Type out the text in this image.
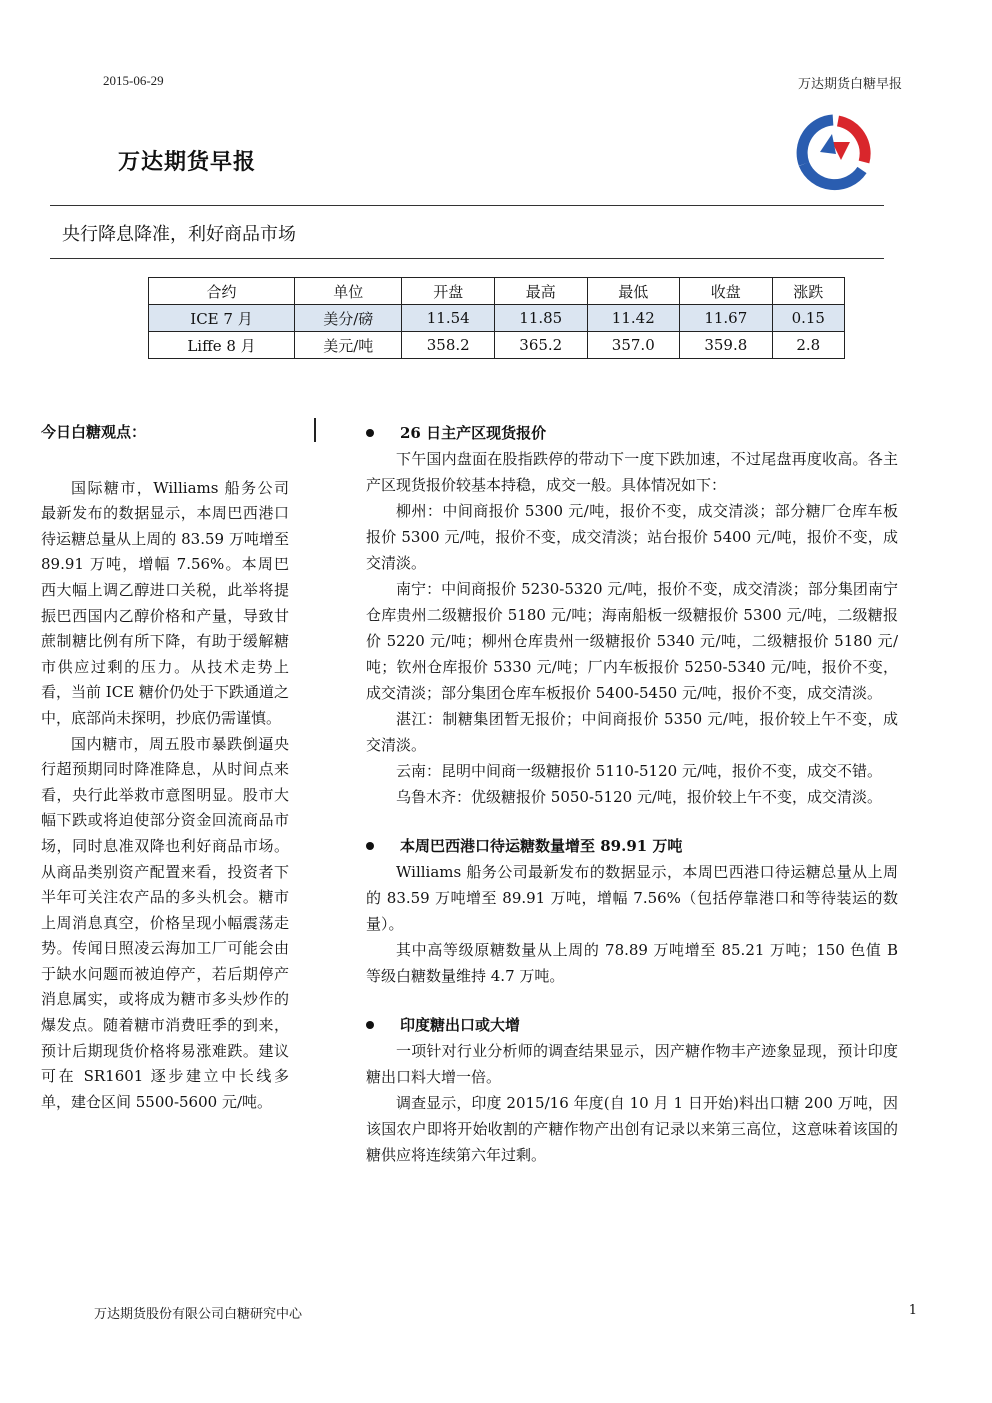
2015-06-29	万达期货白糖早报
万达期货早报
央行降息降准，利好商品市场
合约	单位	开盘	最高	最低	收盘	涨跌
ICE 7 月	美分/磅	11.54	11.85	11.42	11.67	0.15
Liffe 8 月	美元/吨	358.2	365.2	357.0	359.8	2.8
今日白糖观点：

国际糖市，Williams 船务公司最新发布的数据显示，本周巴西港口待运糖总量从上周的 83.59 万吨增至 89.91 万吨，增幅 7.56%。本周巴西大幅上调乙醇进口关税，此举将提振巴西国内乙醇价格和产量，导致甘蔗制糖比例有所下降，有助于缓解糖市供应过剩的压力。从技术走势上看，当前 ICE 糖价仍处于下跌通道之中，底部尚未探明，抄底仍需谨慎。

国内糖市，周五股市暴跌倒逼央行超预期同时降准降息，从时间点来看，央行此举救市意图明显。股市大幅下跌或将迫使部分资金回流商品市场，同时息准双降也利好商品市场。从商品类别资产配置来看，投资者下半年可关注农产品的多头机会。糖市上周消息真空，价格呈现小幅震荡走势。传闻日照凌云海加工厂可能会由于缺水问题而被迫停产，若后期停产消息属实，或将成为糖市多头炒作的爆发点。随着糖市消费旺季的到来，预计后期现货价格将易涨难跌。建议可在 SR1601 逐步建立中长线多单，建仓区间 5500-5600 元/吨。

26 日主产区现货报价

下午国内盘面在股指跌停的带动下一度下跌加速，不过尾盘再度收高。各主产区现货报价较基本持稳，成交一般。具体情况如下：

柳州：中间商报价 5300 元/吨，报价不变，成交清淡；部分糖厂仓库车板报价 5300 元/吨，报价不变，成交清淡；站台报价 5400 元/吨，报价不变，成交清淡。

南宁：中间商报价 5230-5320 元/吨，报价不变，成交清淡；部分集团南宁仓库贵州二级糖报价 5180 元/吨；海南船板一级糖报价 5300 元/吨，二级糖报价 5220 元/吨；柳州仓库贵州一级糖报价 5340 元/吨，二级糖报价 5180 元/吨；钦州仓库报价 5330 元/吨；厂内车板报价 5250-5340 元/吨，报价不变，成交清淡；部分集团仓库车板报价 5400-5450 元/吨，报价不变，成交清淡。

湛江：制糖集团暂无报价；中间商报价 5350 元/吨，报价较上午不变，成交清淡。

云南：昆明中间商一级糖报价 5110-5120 元/吨，报价不变，成交不错。

乌鲁木齐：优级糖报价 5050-5120 元/吨，报价较上午不变，成交清淡。

本周巴西港口待运糖数量增至 89.91 万吨

Williams 船务公司最新发布的数据显示，本周巴西港口待运糖总量从上周的 83.59 万吨增至 89.91 万吨，增幅 7.56%（包括停靠港口和等待装运的数量）。

其中高等级原糖数量从上周的 78.89 万吨增至 85.21 万吨；150 色值 B 等级白糖数量维持 4.7 万吨。

印度糖出口或大增

一项针对行业分析师的调查结果显示，因产糖作物丰产迹象显现，预计印度糖出口料大增一倍。

调查显示，印度 2015/16 年度(自 10 月 1 日开始)料出口糖 200 万吨，因该国农户即将开始收割的产糖作物产出创有记录以来第三高位，这意味着该国的糖供应将连续第六年过剩。

万达期货股份有限公司白糖研究中心	1
